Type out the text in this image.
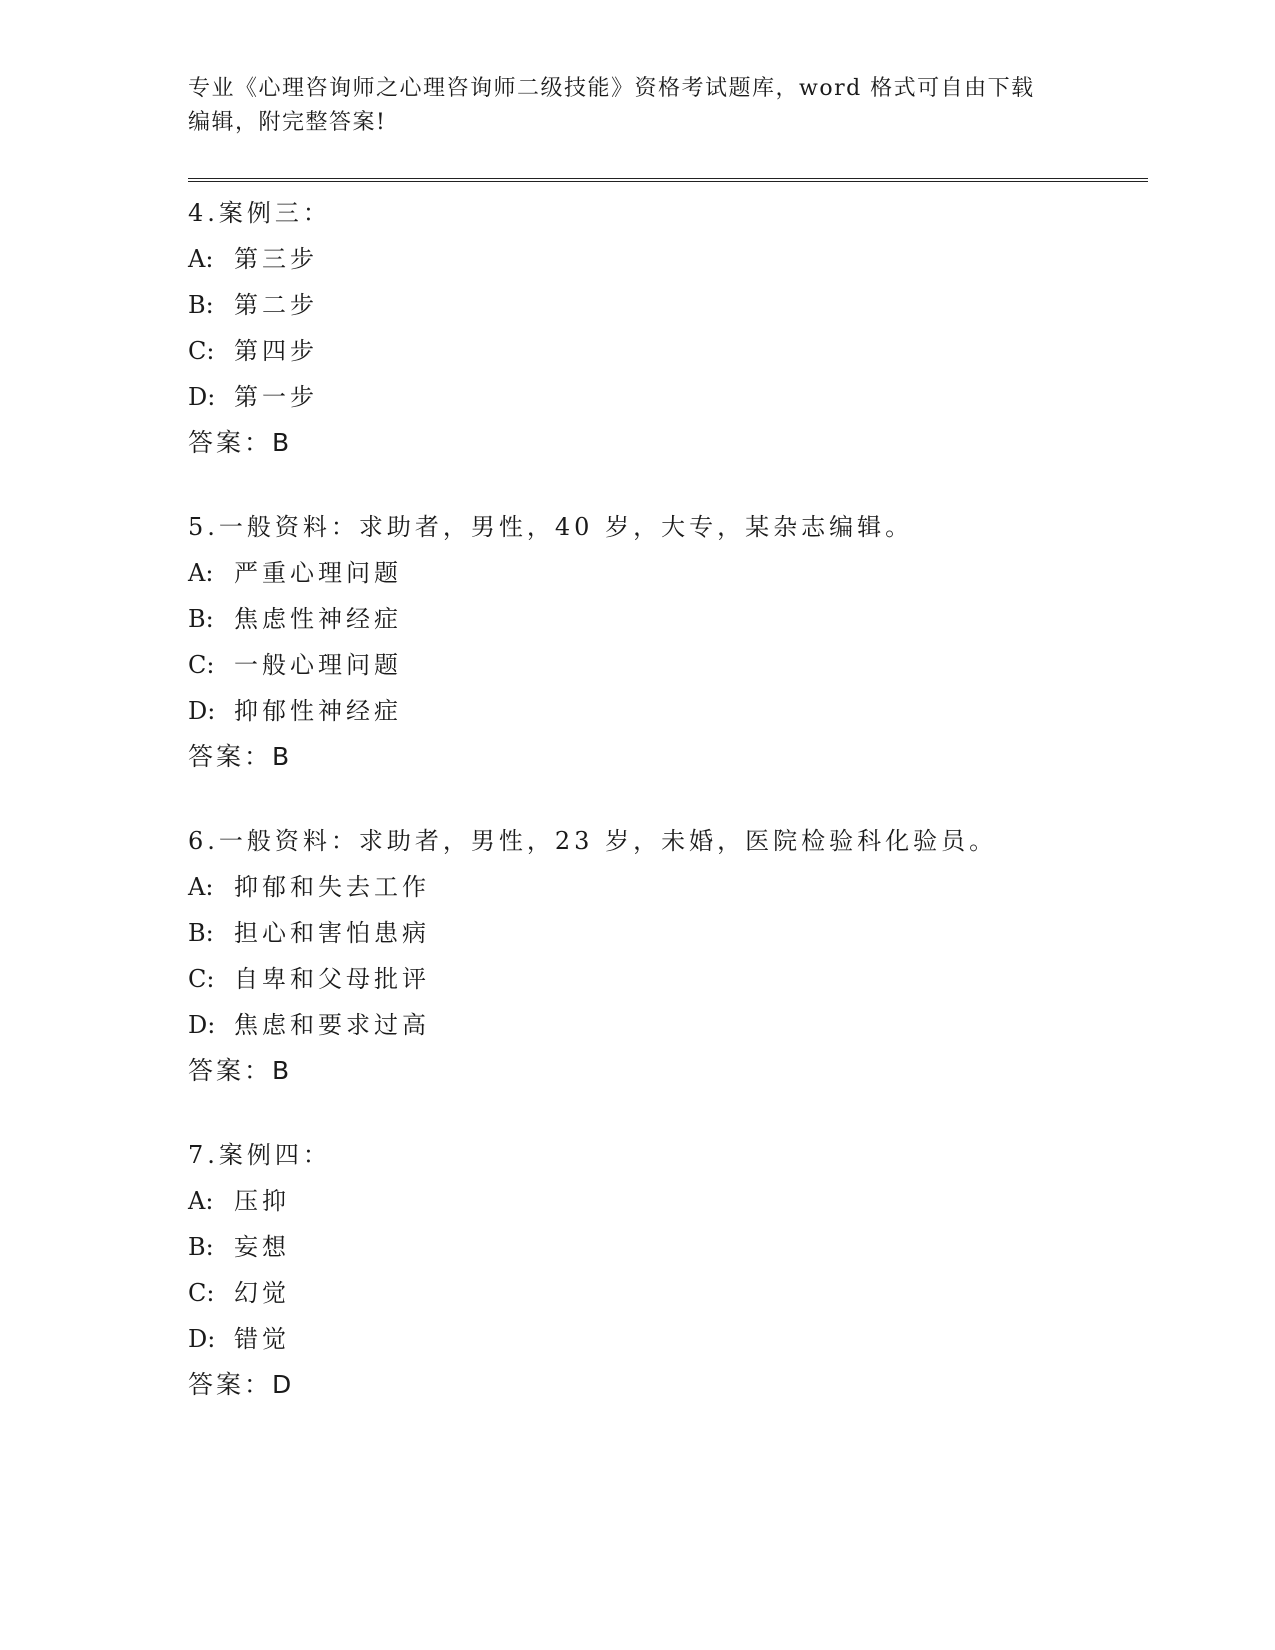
专业《心理咨询师之心理咨询师二级技能》资格考试题库，word 格式可自由下载
编辑，附完整答案!
4.案例三：
A: 第三步
B: 第二步
C: 第四步
D: 第一步
答案：B
5.一般资料：求助者，男性，40 岁，大专，某杂志编辑。
A: 严重心理问题
B: 焦虑性神经症
C: 一般心理问题
D: 抑郁性神经症
答案：B
6.一般资料：求助者，男性，23 岁，未婚，医院检验科化验员。
A: 抑郁和失去工作
B: 担心和害怕患病
C: 自卑和父母批评
D: 焦虑和要求过高
答案：B
7.案例四：
A: 压抑
B: 妄想
C: 幻觉
D: 错觉
答案：D
